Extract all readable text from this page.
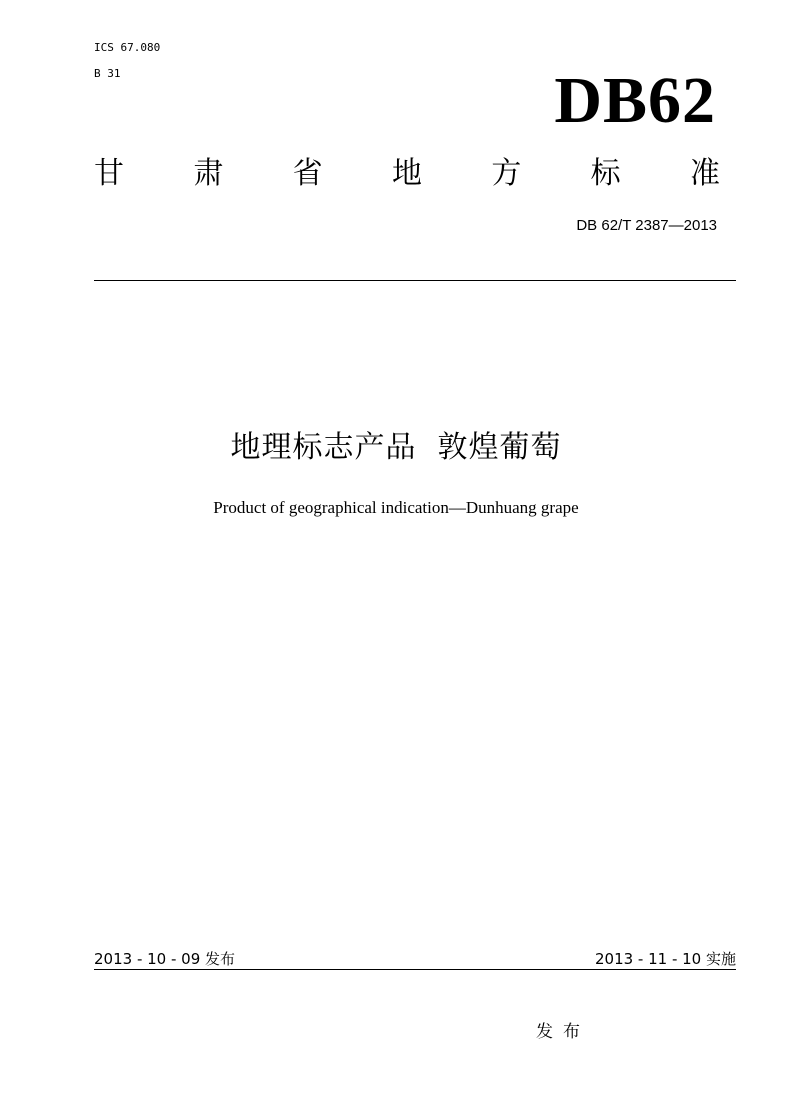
ICS 67.080
B 31	DB62
甘 肃 省 地 方 标 准
DB 62/T 2387—2013
地理标志产品  敦煌葡萄
Product of geographical indication—Dunhuang grape
2013 - 10 - 09 发布	2013 - 11 - 10 实施
发布
